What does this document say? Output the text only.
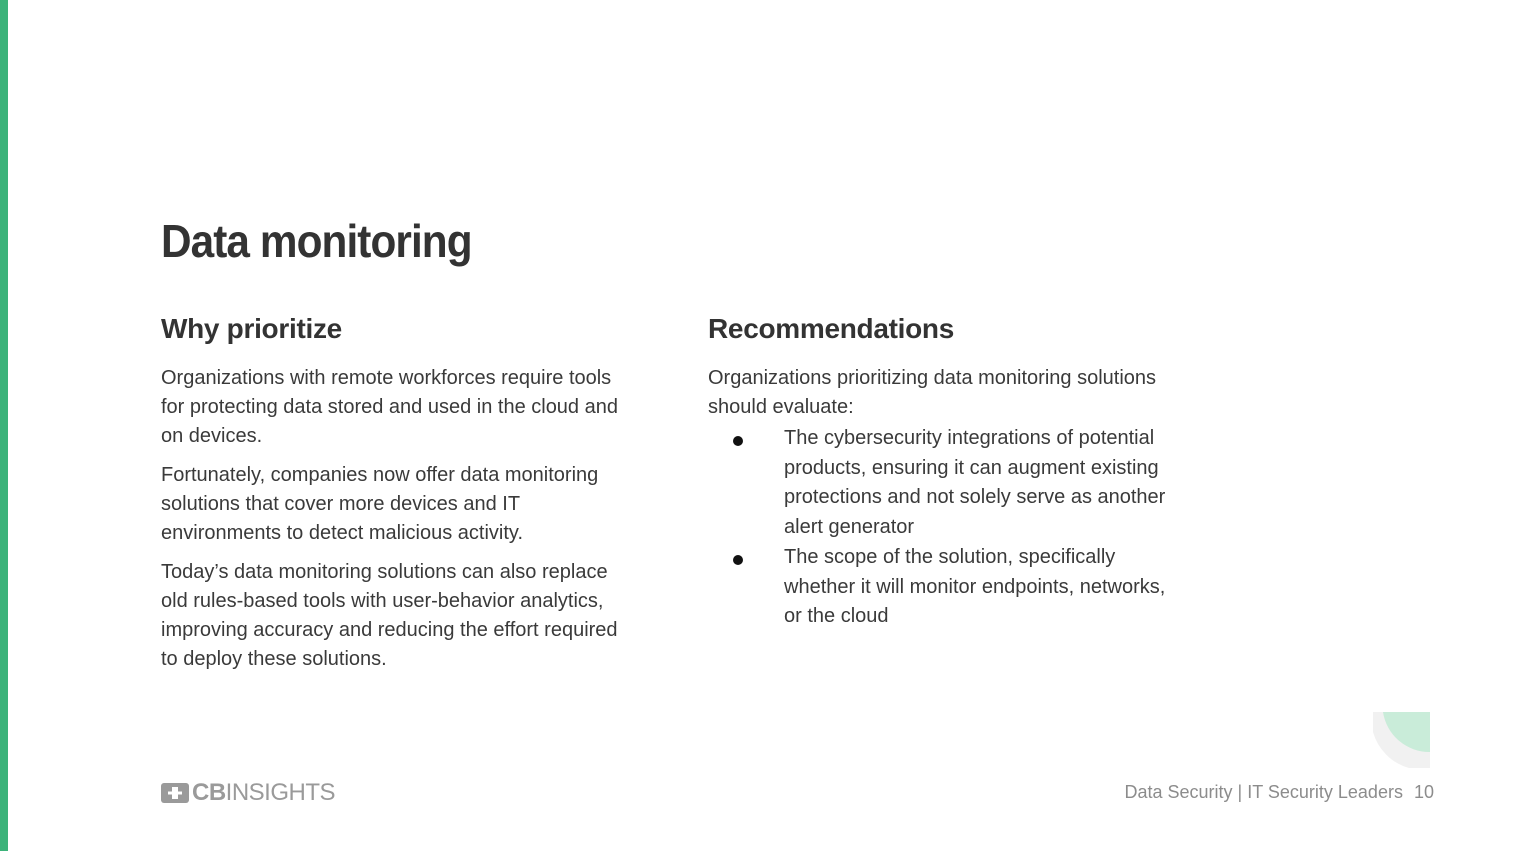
Data monitoring
Why prioritize

Organizations with remote workforces require tools for protecting data stored and used in the cloud and on devices.

Fortunately, companies now offer data monitoring solutions that cover more devices and IT environments to detect malicious activity.

Today’s data monitoring solutions can also replace old rules-based tools with user-behavior analytics, improving accuracy and reducing the effort required to deploy these solutions.

Recommendations

Organizations prioritizing data monitoring solutions should evaluate:

The cybersecurity integrations of potential products, ensuring it can augment existing protections and not solely serve as another alert generator
The scope of the solution, specifically whether it will monitor endpoints, networks, or the cloud
CBINSIGHTS	Data Security | IT Security Leaders 10
